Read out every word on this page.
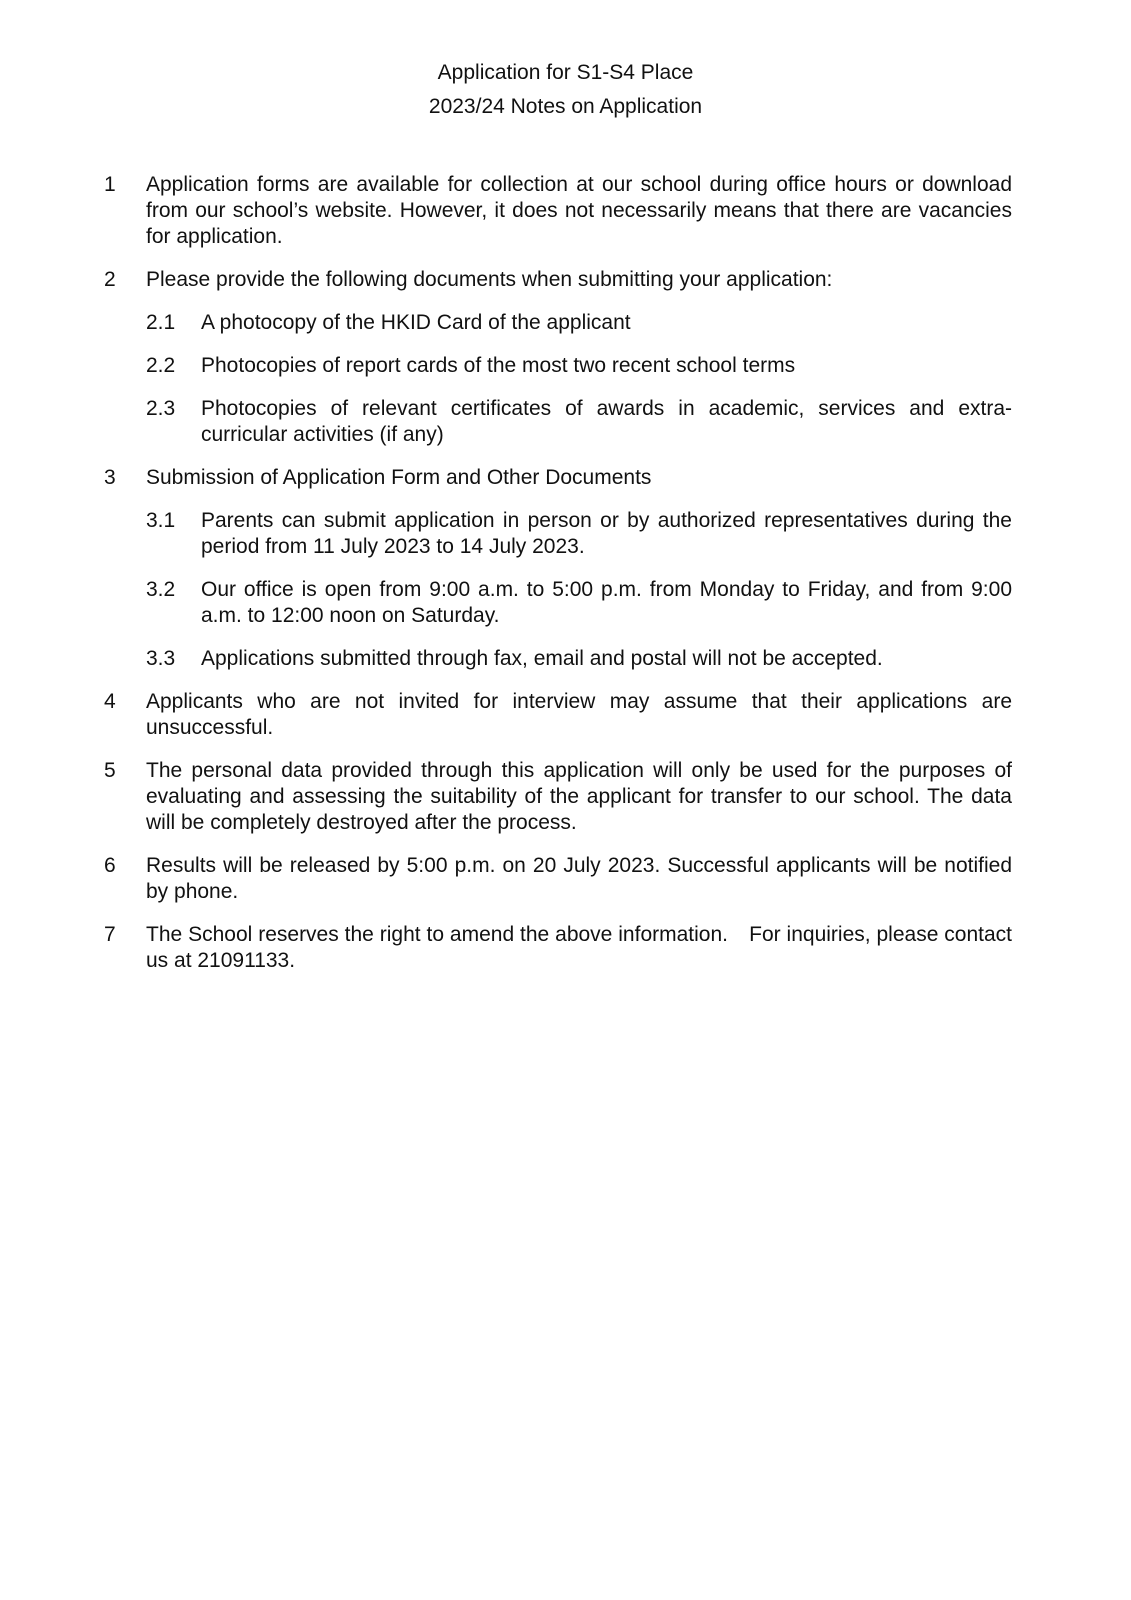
Application for S1-S4 Place
2023/24 Notes on Application
1	Application forms are available for collection at our school during office hours or download from our school’s website. However, it does not necessarily means that there are vacancies for application.
2	Please provide the following documents when submitting your application:
2.1	A photocopy of the HKID Card of the applicant
2.2	Photocopies of report cards of the most two recent school terms
2.3	Photocopies of relevant certificates of awards in academic, services and extra-curricular activities (if any)
3	Submission of Application Form and Other Documents
3.1	Parents can submit application in person or by authorized representatives during the period from 11 July 2023 to 14 July 2023.
3.2	Our office is open from 9:00 a.m. to 5:00 p.m. from Monday to Friday, and from 9:00 a.m. to 12:00 noon on Saturday.
3.3	Applications submitted through fax, email and postal will not be accepted.
4	Applicants who are not invited for interview may assume that their applications are unsuccessful.
5	The personal data provided through this application will only be used for the purposes of evaluating and assessing the suitability of the applicant for transfer to our school. The data will be completely destroyed after the process.
6	Results will be released by 5:00 p.m. on 20 July 2023. Successful applicants will be notified by phone.
7	The School reserves the right to amend the above information.　For inquiries, please contact us at 21091133.
